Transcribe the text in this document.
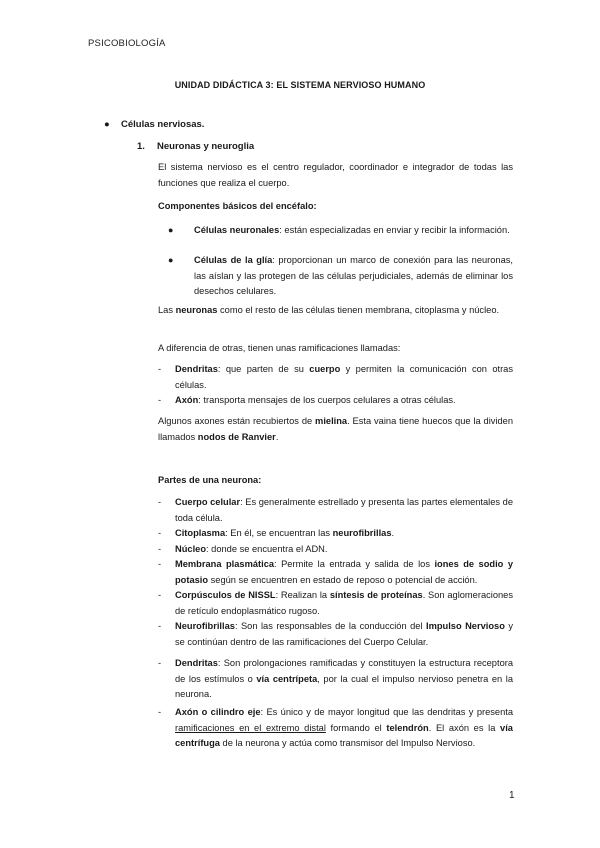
PSICOBIOLOGÍA
UNIDAD DIDÁCTICA 3: EL SISTEMA NERVIOSO HUMANO
● Células nerviosas.
1. Neuronas y neuroglia
El sistema nervioso es el centro regulador, coordinador e integrador de todas las funciones que realiza el cuerpo.
Componentes básicos del encéfalo:
●	Células neuronales: están especializadas en enviar y recibir la información.
●	Células de la glía: proporcionan un marco de conexión para las neuronas, las aíslan y las protegen de las células perjudiciales, además de eliminar los desechos celulares.
Las neuronas como el resto de las células tienen membrana, citoplasma y núcleo.
A diferencia de otras, tienen unas ramificaciones llamadas:
-	Dendritas: que parten de su cuerpo y permiten la comunicación con otras células.
-	Axón: transporta mensajes de los cuerpos celulares a otras células.
Algunos axones están recubiertos de mielina. Esta vaina tiene huecos que la dividen llamados nodos de Ranvier.
Partes de una neurona:
-	Cuerpo celular: Es generalmente estrellado y presenta las partes elementales de toda célula.
-	Citoplasma: En él, se encuentran las neurofibrillas.
-	Núcleo: donde se encuentra el ADN.
-	Membrana plasmática: Permite la entrada y salida de los iones de sodio y potasio según se encuentren en estado de reposo o potencial de acción.
-	Corpúsculos de NISSL: Realizan la síntesis de proteínas. Son aglomeraciones de retículo endoplasmático rugoso.
-	Neurofibrillas: Son las responsables de la conducción del Impulso Nervioso y se continúan dentro de las ramificaciones del Cuerpo Celular.
-	Dendritas: Son prolongaciones ramificadas y constituyen la estructura receptora de los estímulos o vía centrípeta, por la cual el impulso nervioso penetra en la neurona.
-	Axón o cilindro eje: Es único y de mayor longitud que las dendritas y presenta ramificaciones en el extremo distal formando el telendrón. El axón es la vía centrífuga de la neurona y actúa como transmisor del Impulso Nervioso.
1
